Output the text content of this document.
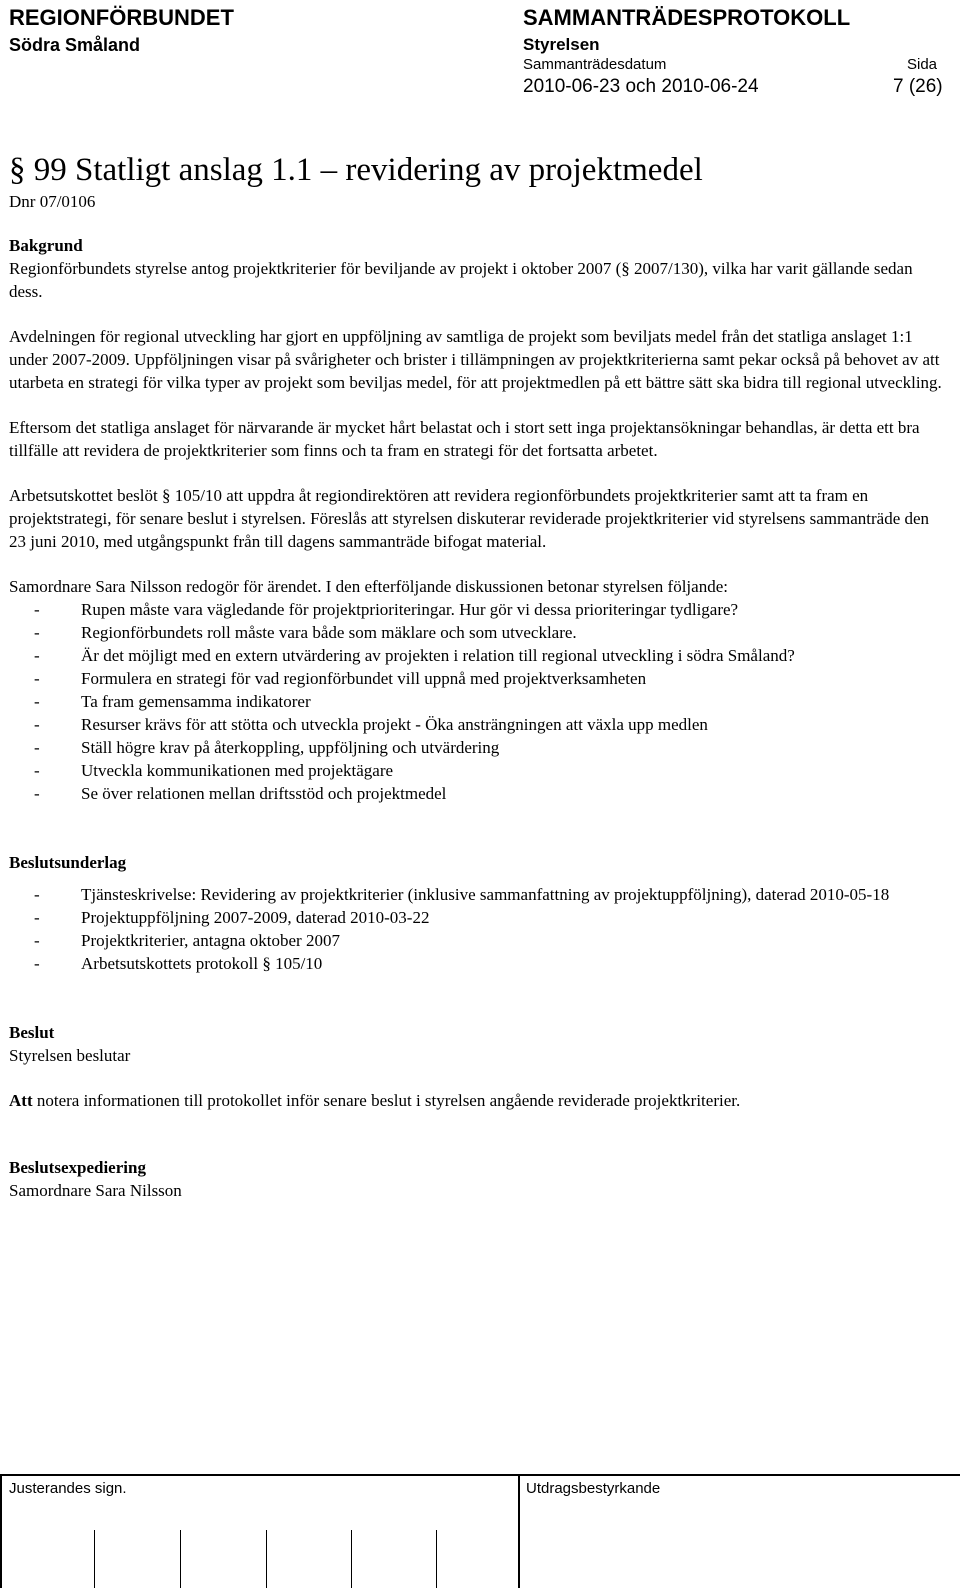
REGIONFÖRBUNDET
Södra Småland
SAMMANTRÄDESPROTOKOLL
Styrelsen
Sammanträdesdatum	Sida
2010-06-23 och 2010-06-24	7 (26)
§ 99 Statligt anslag 1.1 – revidering av projektmedel
Dnr 07/0106
Bakgrund

Regionförbundets styrelse antog projektkriterier för beviljande av projekt i oktober 2007 (§ 2007/130), vilka har varit gällande sedan dess.

Avdelningen för regional utveckling har gjort en uppföljning av samtliga de projekt som beviljats medel från det statliga anslaget 1:1 under 2007-2009. Uppföljningen visar på svårigheter och brister i tillämpningen av projektkriterierna samt pekar också på behovet av att utarbeta en strategi för vilka typer av projekt som beviljas medel, för att projektmedlen på ett bättre sätt ska bidra till regional utveckling.

Eftersom det statliga anslaget för närvarande är mycket hårt belastat och i stort sett inga projektansökningar behandlas, är detta ett bra tillfälle att revidera de projektkriterier som finns och ta fram en strategi för det fortsatta arbetet.

Arbetsutskottet beslöt § 105/10 att uppdra åt regiondirektören att revidera regionförbundets projektkriterier samt att ta fram en projektstrategi, för senare beslut i styrelsen. Föreslås att styrelsen diskuterar reviderade projektkriterier vid styrelsens sammanträde den 23 juni 2010, med utgångspunkt från till dagens sammanträde bifogat material.

Samordnare Sara Nilsson redogör för ärendet. I den efterföljande diskussionen betonar styrelsen följande:

- Rupen måste vara vägledande för projektprioriteringar. Hur gör vi dessa prioriteringar tydligare?
- Regionförbundets roll måste vara både som mäklare och som utvecklare.
- Är det möjligt med en extern utvärdering av projekten i relation till regional utveckling i södra Småland?
- Formulera en strategi för vad regionförbundet vill uppnå med projektverksamheten
- Ta fram gemensamma indikatorer
- Resurser krävs för att stötta och utveckla projekt - Öka ansträngningen att växla upp medlen
- Ställ högre krav på återkoppling, uppföljning och utvärdering
- Utveckla kommunikationen med projektägare
- Se över relationen mellan driftsstöd och projektmedel
Beslutsunderlag
- Tjänsteskrivelse: Revidering av projektkriterier (inklusive sammanfattning av projektuppföljning), daterad 2010-05-18
- Projektuppföljning 2007-2009, daterad 2010-03-22
- Projektkriterier, antagna oktober 2007
- Arbetsutskottets protokoll § 105/10
Beslut

Styrelsen beslutar

Att notera informationen till protokollet inför senare beslut i styrelsen angående reviderade projektkriterier.

Beslutsexpediering

Samordnare Sara Nilsson

Justerandes sign.	Utdragsbestyrkande
